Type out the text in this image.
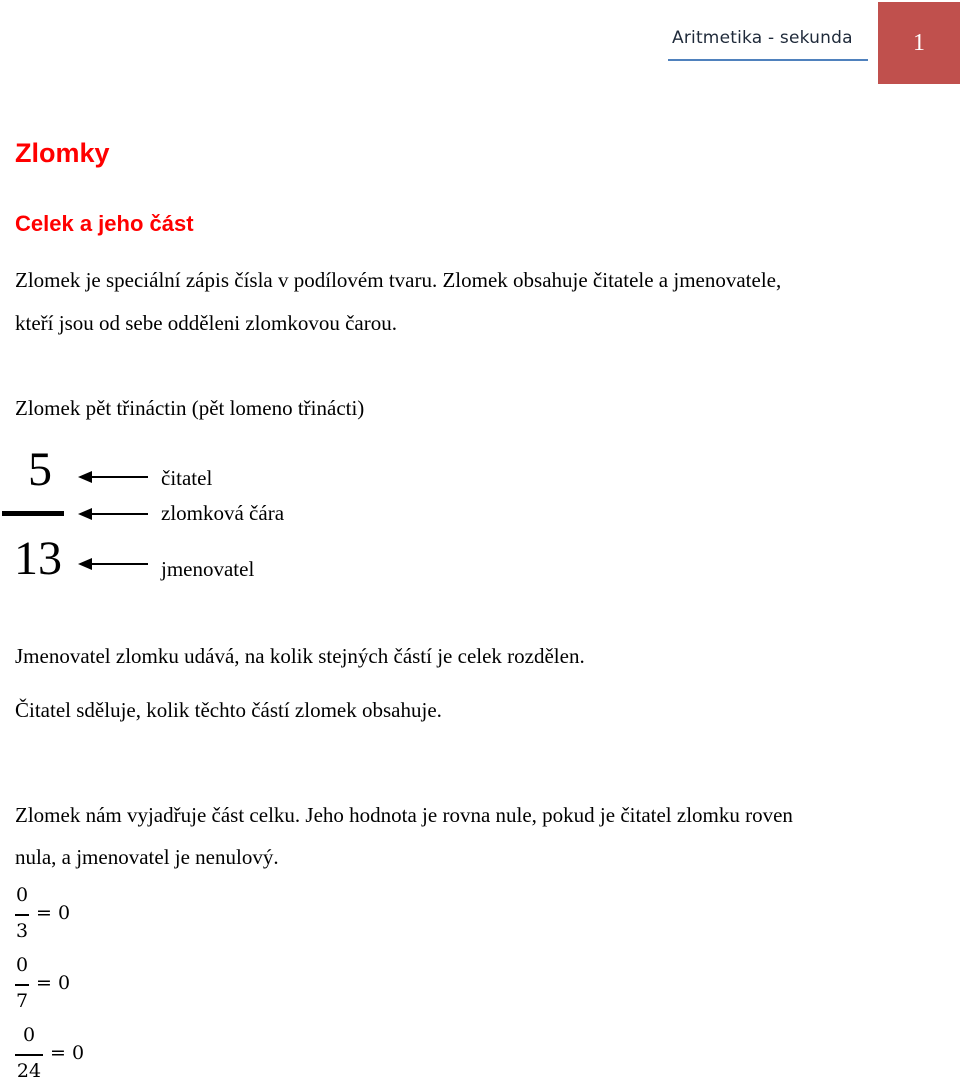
Aritmetika - sekunda	1
Zlomky
Celek a jeho část

Zlomek je speciální zápis čísla v podílovém tvaru. Zlomek obsahuje čitatele a jmenovatele,

kteří jsou od sebe odděleni zlomkovou čarou.

Zlomek pět třináctin (pět lomeno třinácti)

5
13
čitatel
zlomková čára
jmenovatel

Jmenovatel zlomku udává, na kolik stejných částí je celek rozdělen.

Čitatel sděluje, kolik těchto částí zlomek obsahuje.

Zlomek nám vyjadřuje část celku. Jeho hodnota je rovna nule, pokud je čitatel zlomku roven

nula, a jmenovatel je nenulový.

0
3
= 0
0
7
= 0
0
24
= 0
